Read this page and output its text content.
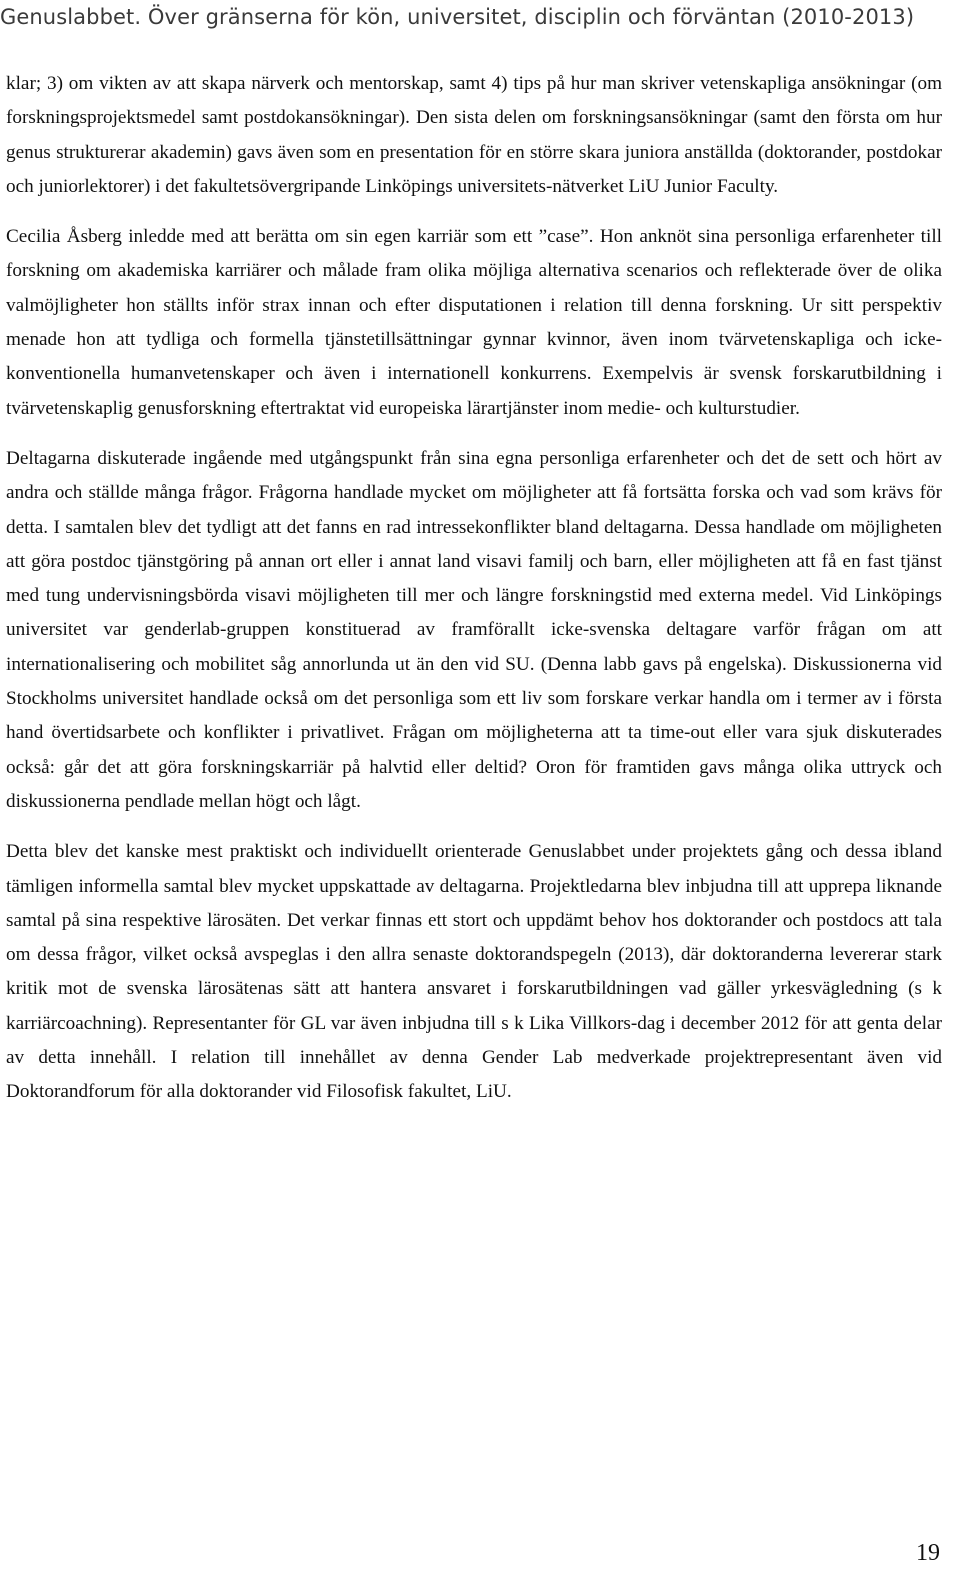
Genuslabbet. Över gränserna för kön, universitet, disciplin och förväntan (2010-2013)

klar; 3) om vikten av att skapa närverk och mentorskap, samt 4) tips på hur man skriver vetenskapliga ansökningar (om forskningsprojektsmedel samt postdokansökningar). Den sista delen om forskningsansökningar (samt den första om hur genus strukturerar akademin) gavs även som en presentation för en större skara juniora anställda (doktorander, postdokar och juniorlektorer) i det fakultetsövergripande Linköpings universitets-nätverket LiU Junior Faculty.

Cecilia Åsberg inledde med att berätta om sin egen karriär som ett ”case”. Hon anknöt sina personliga erfarenheter till forskning om akademiska karriärer och målade fram olika möjliga alternativa scenarios och reflekterade över de olika valmöjligheter hon ställts inför strax innan och efter disputationen i relation till denna forskning. Ur sitt perspektiv menade hon att tydliga och formella tjänstetillsättningar gynnar kvinnor, även inom tvärvetenskapliga och icke-konventionella humanvetenskaper och även i internationell konkurrens. Exempelvis är svensk forskarutbildning i tvärvetenskaplig genusforskning eftertraktat vid europeiska lärartjänster inom medie- och kulturstudier.

Deltagarna diskuterade ingående med utgångspunkt från sina egna personliga erfarenheter och det de sett och hört av andra och ställde många frågor. Frågorna handlade mycket om möjligheter att få fortsätta forska och vad som krävs för detta. I samtalen blev det tydligt att det fanns en rad intressekonflikter bland deltagarna. Dessa handlade om möjligheten att göra postdoc tjänstgöring på annan ort eller i annat land visavi familj och barn, eller möjligheten att få en fast tjänst med tung undervisningsbörda visavi möjligheten till mer och längre forskningstid med externa medel. Vid Linköpings universitet var genderlab-gruppen konstituerad av framförallt icke-svenska deltagare varför frågan om att internationalisering och mobilitet såg annorlunda ut än den vid SU. (Denna labb gavs på engelska). Diskussionerna vid Stockholms universitet handlade också om det personliga som ett liv som forskare verkar handla om i termer av i första hand övertidsarbete och konflikter i privatlivet. Frågan om möjligheterna att ta time-out eller vara sjuk diskuterades också: går det att göra forskningskarriär på halvtid eller deltid? Oron för framtiden gavs många olika uttryck och diskussionerna pendlade mellan högt och lågt.

Detta blev det kanske mest praktiskt och individuellt orienterade Genuslabbet under projektets gång och dessa ibland tämligen informella samtal blev mycket uppskattade av deltagarna. Projektledarna blev inbjudna till att upprepa liknande samtal på sina respektive lärosäten. Det verkar finnas ett stort och uppdämt behov hos doktorander och postdocs att tala om dessa frågor, vilket också avspeglas i den allra senaste doktorandspegeln (2013), där doktoranderna levererar stark kritik mot de svenska lärosätenas sätt att hantera ansvaret i forskarutbildningen vad gäller yrkesvägledning (s k karriärcoachning). Representanter för GL var även inbjudna till s k Lika Villkors-dag i december 2012 för att genta delar av detta innehåll. I relation till innehållet av denna Gender Lab medverkade projektrepresentant även vid Doktorandforum för alla doktorander vid Filosofisk fakultet, LiU.

19
